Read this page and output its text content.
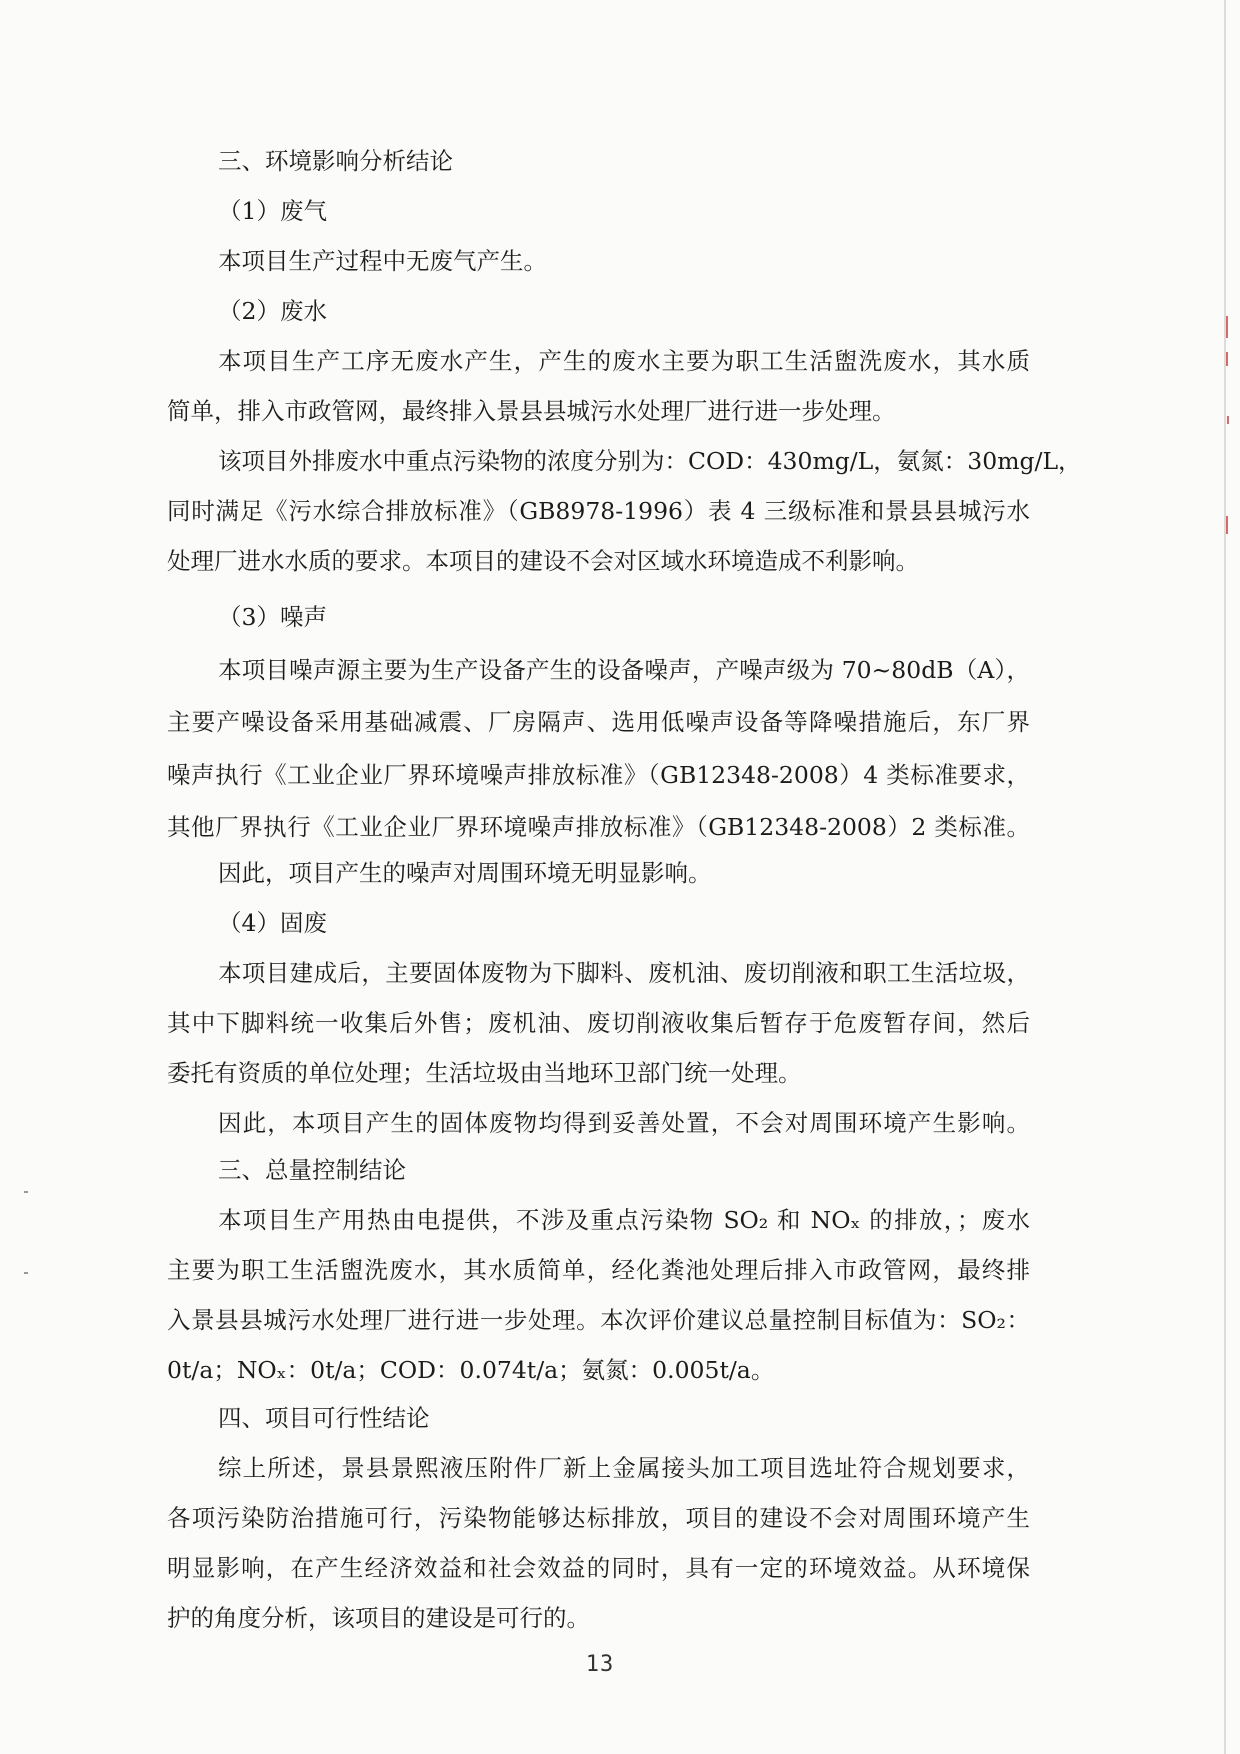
三、环境影响分析结论
（1）废气
本项目生产过程中无废气产生。
（2）废水
本项目生产工序无废水产生，产生的废水主要为职工生活盥洗废水，其水质
简单，排入市政管网，最终排入景县县城污水处理厂进行进一步处理。
该项目外排废水中重点污染物的浓度分别为：COD：430mg/L，氨氮：30mg/L，
同时满足《污水综合排放标准》（GB8978-1996）表 4 三级标准和景县县城污水
处理厂进水水质的要求。本项目的建设不会对区域水环境造成不利影响。
（3）噪声
本项目噪声源主要为生产设备产生的设备噪声，产噪声级为 70~80dB（A），
主要产噪设备采用基础减震、厂房隔声、选用低噪声设备等降噪措施后，东厂界
噪声执行《工业企业厂界环境噪声排放标准》（GB12348-2008）4 类标准要求，
其他厂界执行《工业企业厂界环境噪声排放标准》（GB12348-2008）2 类标准。
因此，项目产生的噪声对周围环境无明显影响。
（4）固废
本项目建成后，主要固体废物为下脚料、废机油、废切削液和职工生活垃圾，
其中下脚料统一收集后外售；废机油、废切削液收集后暂存于危废暂存间，然后
委托有资质的单位处理；生活垃圾由当地环卫部门统一处理。
因此，本项目产生的固体废物均得到妥善处置，不会对周围环境产生影响。
三、总量控制结论
本项目生产用热由电提供，不涉及重点污染物 SO₂ 和 NOₓ 的排放，；废水
主要为职工生活盥洗废水，其水质简单，经化粪池处理后排入市政管网，最终排
入景县县城污水处理厂进行进一步处理。本次评价建议总量控制目标值为：SO₂：
0t/a；NOₓ：0t/a；COD：0.074t/a；氨氮：0.005t/a。
四、项目可行性结论
综上所述，景县景熙液压附件厂新上金属接头加工项目选址符合规划要求，
各项污染防治措施可行，污染物能够达标排放，项目的建设不会对周围环境产生
明显影响，在产生经济效益和社会效益的同时，具有一定的环境效益。从环境保
护的角度分析，该项目的建设是可行的。
13
